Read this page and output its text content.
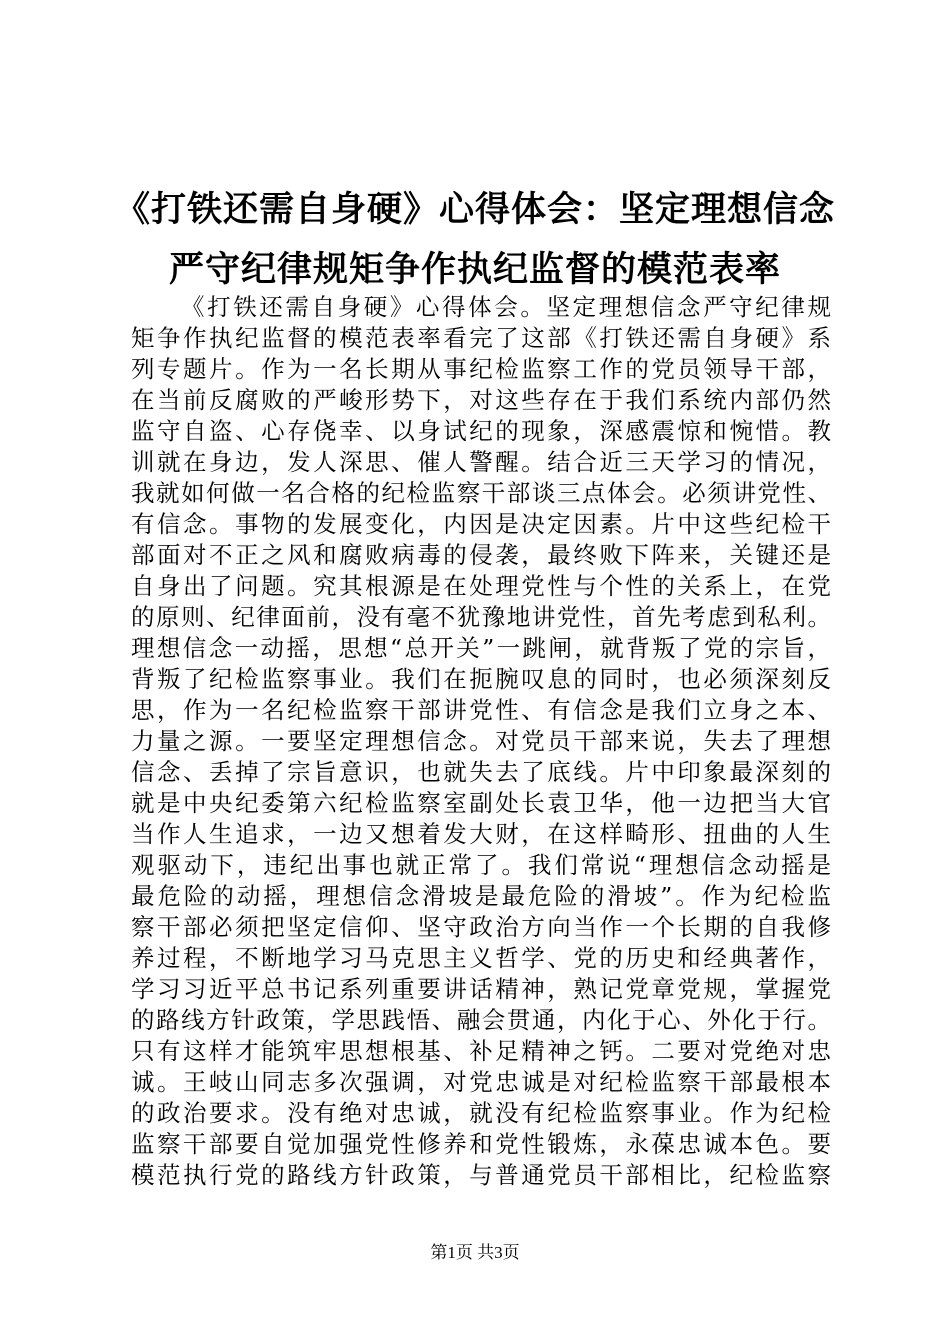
《打铁还需自身硬》心得体会：坚定理想信念
严守纪律规矩争作执纪监督的模范表率
《打铁还需自身硬》心得体会。坚定理想信念严守纪律规
矩争作执纪监督的模范表率看完了这部《打铁还需自身硬》系
列专题片。作为一名长期从事纪检监察工作的党员领导干部，
在当前反腐败的严峻形势下，对这些存在于我们系统内部仍然
监守自盗、心存侥幸、以身试纪的现象，深感震惊和惋惜。教
训就在身边，发人深思、催人警醒。结合近三天学习的情况，
我就如何做一名合格的纪检监察干部谈三点体会。必须讲党性、
有信念。事物的发展变化，内因是决定因素。片中这些纪检干
部面对不正之风和腐败病毒的侵袭，最终败下阵来，关键还是
自身出了问题。究其根源是在处理党性与个性的关系上，在党
的原则、纪律面前，没有毫不犹豫地讲党性，首先考虑到私利。
理想信念一动摇，思想“总开关”一跳闸，就背叛了党的宗旨，
背叛了纪检监察事业。我们在扼腕叹息的同时，也必须深刻反
思，作为一名纪检监察干部讲党性、有信念是我们立身之本、
力量之源。一要坚定理想信念。对党员干部来说，失去了理想
信念、丢掉了宗旨意识，也就失去了底线。片中印象最深刻的
就是中央纪委第六纪检监察室副处长袁卫华，他一边把当大官
当作人生追求，一边又想着发大财，在这样畸形、扭曲的人生
观驱动下，违纪出事也就正常了。我们常说“理想信念动摇是
最危险的动摇，理想信念滑坡是最危险的滑坡”。作为纪检监
察干部必须把坚定信仰、坚守政治方向当作一个长期的自我修
养过程，不断地学习马克思主义哲学、党的历史和经典著作，
学习习近平总书记系列重要讲话精神，熟记党章党规，掌握党
的路线方针政策，学思践悟、融会贯通，内化于心、外化于行。
只有这样才能筑牢思想根基、补足精神之钙。二要对党绝对忠
诚。王岐山同志多次强调，对党忠诚是对纪检监察干部最根本
的政治要求。没有绝对忠诚，就没有纪检监察事业。作为纪检
监察干部要自觉加强党性修养和党性锻炼，永葆忠诚本色。要
模范执行党的路线方针政策，与普通党员干部相比，纪检监察
第1页 共3页
